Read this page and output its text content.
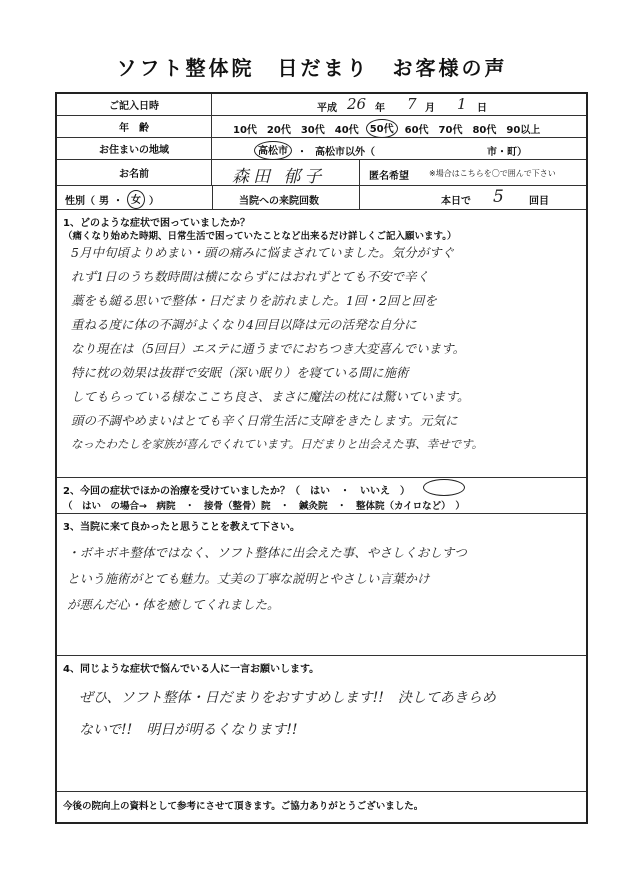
ソフト整体院　日だまり　お客様の声
ご記入日時	平成 26 年 7 月 1 日
年　齢	10代 20代 30代 40代	50代	60代 70代 80代 90以上
お住まいの地域	高松市 ・ 高松市以外（	市・町）
お名前	森田 郁子	匿名希望	※場合はこちらを〇で囲んで下さい
性別（ 男 ・ 女 ）	当院への来院回数	本日で 5	回目
1、どのような症状で困っていましたか？
（痛くなり始めた時期、日常生活で困っていたことなど出来るだけ詳しくご記入願います。）
5月中旬頃よりめまい・頭の痛みに悩まされていました。気分がすぐ
れず1日のうち数時間は横にならずにはおれずとても不安で辛く
藁をも縋る思いで整体・日だまりを訪れました。1回・2回と回を
重ねる度に体の不調がよくなり4回目以降は元の活発な自分に
なり現在は（5回目）エステに通うまでにおちつき大変喜んでいます。
特に枕の効果は抜群で安眠（深い眠り）を寝ている間に施術
してもらっている様なここち良さ、まさに魔法の枕には驚いています。
頭の不調やめまいはとても辛く日常生活に支障をきたします。元気に
なったわたしを家族が喜んでくれています。日だまりと出会えた事、幸せです。
2、今回の症状でほかの治療を受けていましたか？（　はい　・　いいえ　）
（　はい　の場合→　病院　・　接骨（整骨）院　・　鍼灸院　・　整体院（カイロなど）　）
3、当院に来て良かったと思うことを教えて下さい。
・ボキボキ整体ではなく、ソフト整体に出会えた事、やさしくおしすつ
という施術がとても魅力。丈美の丁寧な説明とやさしい言葉かけ
が悪んだ心・体を癒してくれました。
4、同じような症状で悩んでいる人に一言お願いします。
ぜひ、ソフト整体・日だまりをおすすめします!!　決してあきらめ
ないで!!　明日が明るくなります!!
今後の院向上の資料として参考にさせて頂きます。ご協力ありがとうございました。
